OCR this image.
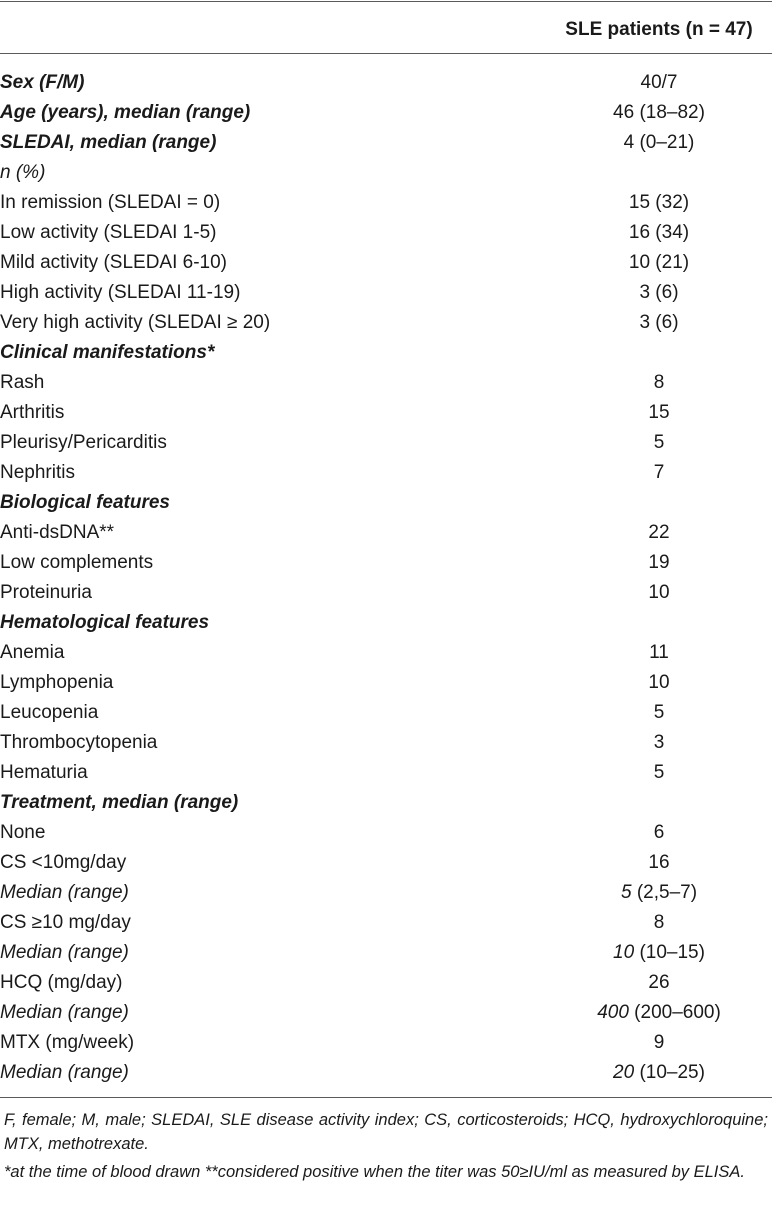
SLE patients (n = 47)
Sex (F/M)	40/7
Age (years), median (range)	46 (18–82)
SLEDAI, median (range)	4 (0–21)
n (%)	
In remission (SLEDAI = 0)	15 (32)
Low activity (SLEDAI 1-5)	16 (34)
Mild activity (SLEDAI 6-10)	10 (21)
High activity (SLEDAI 11-19)	3 (6)
Very high activity (SLEDAI ≥ 20)	3 (6)
Clinical manifestations*	
Rash	8
Arthritis	15
Pleurisy/Pericarditis	5
Nephritis	7
Biological features	
Anti-dsDNA**	22
Low complements	19
Proteinuria	10
Hematological features	
Anemia	11
Lymphopenia	10
Leucopenia	5
Thrombocytopenia	3
Hematuria	5
Treatment, median (range)	
None	6
CS <10mg/day	16
Median (range)	5 (2,5–7)
CS ≥10 mg/day	8
Median (range)	10 (10–15)
HCQ (mg/day)	26
Median (range)	400 (200–600)
MTX (mg/week)	9
Median (range)	20 (10–25)

F, female; M, male; SLEDAI, SLE disease activity index; CS, corticosteroids; HCQ, hydroxychloroquine; MTX, methotrexate.

*at the time of blood drawn **considered positive when the titer was 50≥IU/ml as measured by ELISA.
